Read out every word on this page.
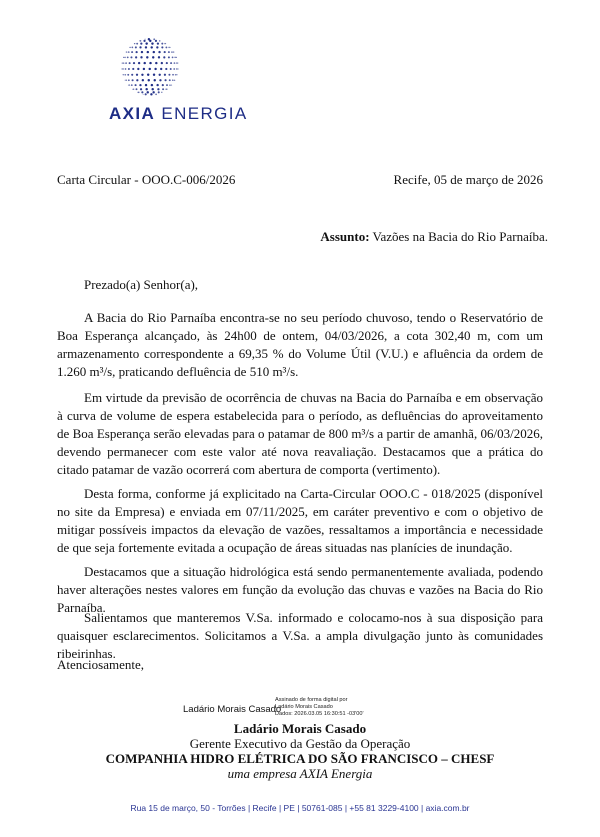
AXIA ENERGIA
Carta Circular - OOO.C-006/2026	Recife, 05 de março de 2026
Assunto: Vazões na Bacia do Rio Parnaíba.
Prezado(a) Senhor(a),

A Bacia do Rio Parnaíba encontra-se no seu período chuvoso, tendo o Reservatório de Boa Esperança alcançado, às 24h00 de ontem, 04/03/2026, a cota 302,40 m, com um armazenamento correspondente a 69,35 % do Volume Útil (V.U.) e afluência da ordem de 1.260 m³/s, praticando defluência de 510 m³/s.

Em virtude da previsão de ocorrência de chuvas na Bacia do Parnaíba e em observação à curva de volume de espera estabelecida para o período, as defluências do aproveitamento de Boa Esperança serão elevadas para o patamar de 800 m³/s a partir de amanhã, 06/03/2026, devendo permanecer com este valor até nova reavaliação. Destacamos que a prática do citado patamar de vazão ocorrerá com abertura de comporta (vertimento).

Desta forma, conforme já explicitado na Carta-Circular OOO.C - 018/2025 (disponível no site da Empresa) e enviada em 07/11/2025, em caráter preventivo e com o objetivo de mitigar possíveis impactos da elevação de vazões, ressaltamos a importância e necessidade de que seja fortemente evitada a ocupação de áreas situadas nas planícies de inundação.

Destacamos que a situação hidrológica está sendo permanentemente avaliada, podendo haver alterações nestes valores em função da evolução das chuvas e vazões na Bacia do Rio Parnaíba.

Salientamos que manteremos V.Sa. informado e colocamo-nos à sua disposição para quaisquer esclarecimentos. Solicitamos a V.Sa. a ampla divulgação junto às comunidades ribeirinhas.

Atenciosamente,
Ladário Morais Casado
Assinado de forma digital por
Ladário Morais Casado
Dados: 2026.03.05 16:30:51 -03'00'
Ladário Morais Casado
Gerente Executivo da Gestão da Operação
COMPANHIA HIDRO ELÉTRICA DO SÃO FRANCISCO – CHESF
uma empresa AXIA Energia
Rua 15 de março, 50 - Torrões | Recife | PE | 50761-085 | +55 81 3229-4100 | axia.com.br
